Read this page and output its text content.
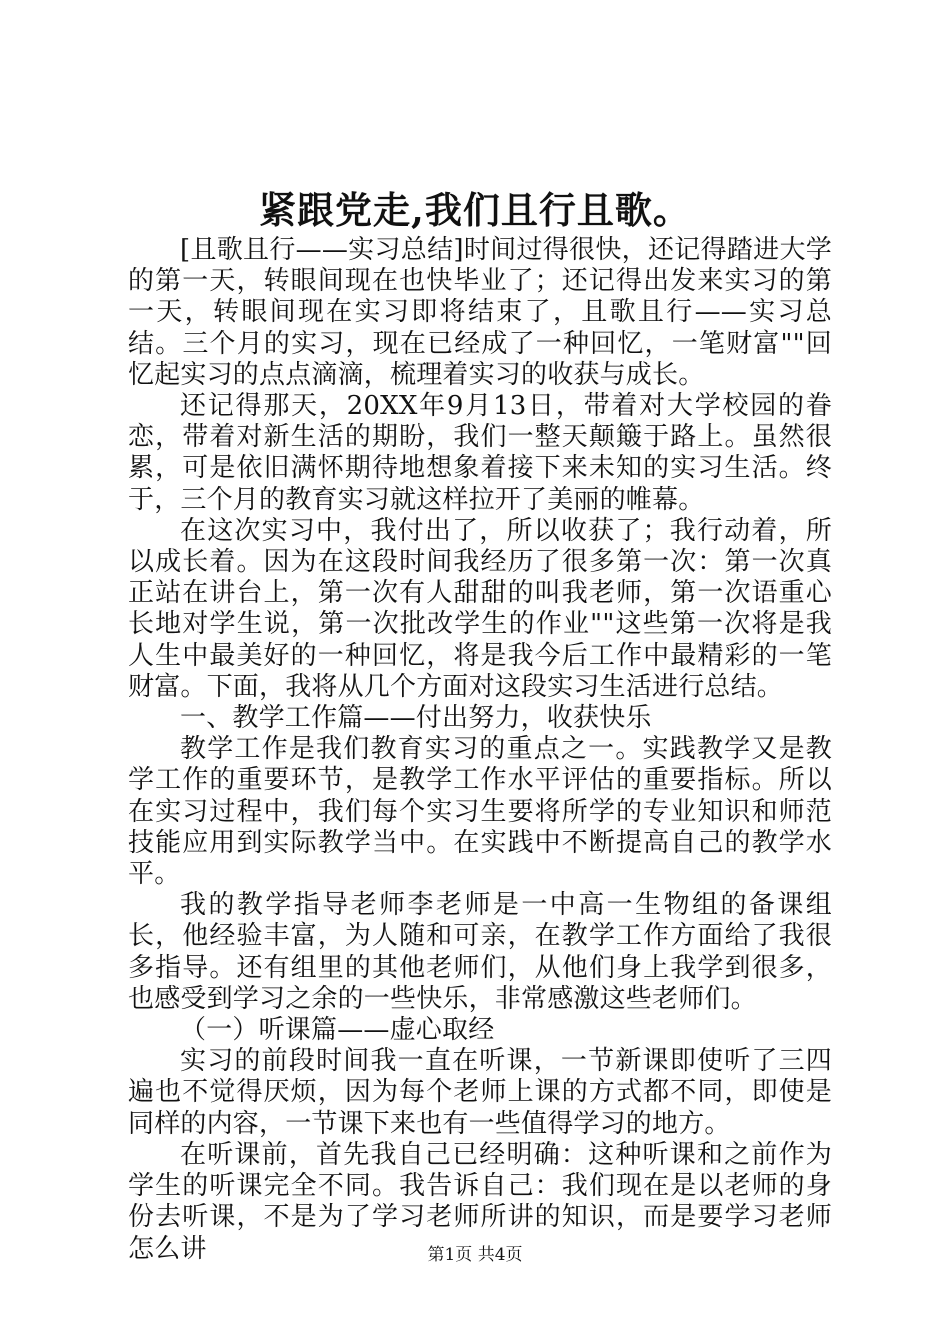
紧跟党走,我们且行且歌。

[且歌且行——实习总结]时间过得很快，还记得踏进大学的第一天，转眼间现在也快毕业了；还记得出发来实习的第一天，转眼间现在实习即将结束了，且歌且行——实习总结。三个月的实习，现在已经成了一种回忆，一笔财富""回忆起实习的点点滴滴，梳理着实习的收获与成长。

还记得那天，20XX年9月13日，带着对大学校园的眷恋，带着对新生活的期盼，我们一整天颠簸于路上。虽然很累，可是依旧满怀期待地想象着接下来未知的实习生活。终于，三个月的教育实习就这样拉开了美丽的帷幕。

在这次实习中，我付出了，所以收获了；我行动着，所以成长着。因为在这段时间我经历了很多第一次：第一次真正站在讲台上，第一次有人甜甜的叫我老师，第一次语重心长地对学生说，第一次批改学生的作业""这些第一次将是我人生中最美好的一种回忆，将是我今后工作中最精彩的一笔财富。下面，我将从几个方面对这段实习生活进行总结。

一、教学工作篇——付出努力，收获快乐

教学工作是我们教育实习的重点之一。实践教学又是教学工作的重要环节，是教学工作水平评估的重要指标。所以在实习过程中，我们每个实习生要将所学的专业知识和师范技能应用到实际教学当中。在实践中不断提高自己的教学水平。

我的教学指导老师李老师是一中高一生物组的备课组长，他经验丰富，为人随和可亲，在教学工作方面给了我很多指导。还有组里的其他老师们，从他们身上我学到很多，也感受到学习之余的一些快乐，非常感激这些老师们。

（一）听课篇——虚心取经

实习的前段时间我一直在听课，一节新课即使听了三四遍也不觉得厌烦，因为每个老师上课的方式都不同，即使是同样的内容，一节课下来也有一些值得学习的地方。

在听课前，首先我自己已经明确：这种听课和之前作为学生的听课完全不同。我告诉自己：我们现在是以老师的身份去听课，不是为了学习老师所讲的知识，而是要学习老师怎么讲	第1页 共4页
